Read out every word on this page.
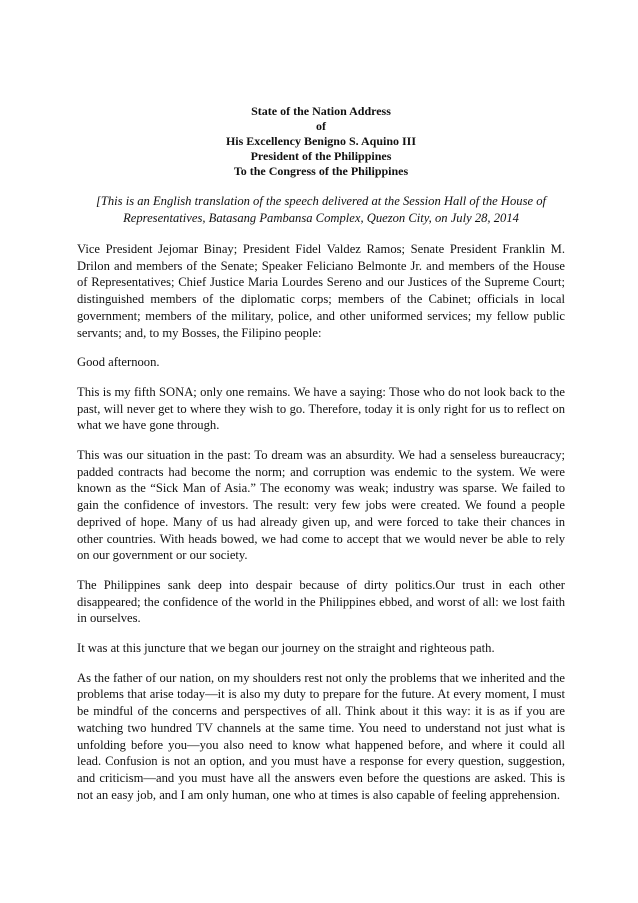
State of the Nation Address
of
His Excellency Benigno S. Aquino III
President of the Philippines
To the Congress of the Philippines
[This is an English translation of the speech delivered at the Session Hall of the House of Representatives, Batasang Pambansa Complex, Quezon City, on July 28, 2014

Vice President Jejomar Binay; President Fidel Valdez Ramos; Senate President Franklin M. Drilon and members of the Senate; Speaker Feliciano Belmonte Jr. and members of the House of Representatives; Chief Justice Maria Lourdes Sereno and our Justices of the Supreme Court; distinguished members of the diplomatic corps; members of the Cabinet; officials in local government; members of the military, police, and other uniformed services; my fellow public servants; and, to my Bosses, the Filipino people:

Good afternoon.

This is my fifth SONA; only one remains. We have a saying: Those who do not look back to the past, will never get to where they wish to go. Therefore, today it is only right for us to reflect on what we have gone through.

This was our situation in the past: To dream was an absurdity. We had a senseless bureaucracy; padded contracts had become the norm; and corruption was endemic to the system. We were known as the “Sick Man of Asia.” The economy was weak; industry was sparse. We failed to gain the confidence of investors. The result: very few jobs were created. We found a people deprived of hope. Many of us had already given up, and were forced to take their chances in other countries. With heads bowed, we had come to accept that we would never be able to rely on our government or our society.

The Philippines sank deep into despair because of dirty politics.Our trust in each other disappeared; the confidence of the world in the Philippines ebbed, and worst of all: we lost faith in ourselves.

It was at this juncture that we began our journey on the straight and righteous path.

As the father of our nation, on my shoulders rest not only the problems that we inherited and the problems that arise today—it is also my duty to prepare for the future. At every moment, I must be mindful of the concerns and perspectives of all. Think about it this way: it is as if you are watching two hundred TV channels at the same time. You need to understand not just what is unfolding before you—you also need to know what happened before, and where it could all lead. Confusion is not an option, and you must have a response for every question, suggestion, and criticism—and you must have all the answers even before the questions are asked. This is not an easy job, and I am only human, one who at times is also capable of feeling apprehension.
